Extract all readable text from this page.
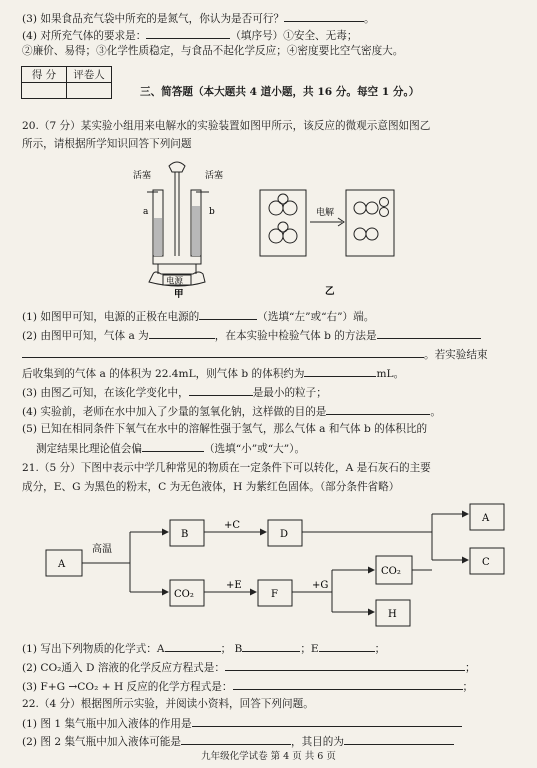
(3) 如果食品充气袋中所充的是氮气，你认为是否可行？	。
(4) 对所充气体的要求是：	（填序号）①安全、无毒；
②廉价、易得；③化学性质稳定，与食品不起化学反应；④密度要比空气密度大。
得 分	评卷人

三、简答题（本大题共 4 道小题，共 16 分。每空 1 分。）
20.（7 分）某实验小组用来电解水的实验装置如图甲所示，该反应的微观示意图如图乙
所示，请根据所学知识回答下列问题
活塞	活塞
a	b
电源
甲
电解
乙
(1) 如图甲可知，电源的正极在电源的	（选填“左”或“右”）端。
(2) 由图甲可知，气体 a 为	，在本实验中检验气体 b 的方法是
。若实验结束
后收集到的气体 a 的体积为 22.4mL，则气体 b 的体积约为	mL。
(3) 由图乙可知，在该化学变化中，	是最小的粒子；
(4) 实验前，老师在水中加入了少量的氢氧化钠，这样做的目的是	。
(5) 已知在相同条件下氧气在水中的溶解性强于氢气，那么气体 a 和气体 b 的体积比的
测定结果比理论值会偏	（选填“小”或“大”）。
21.（5 分）下图中表示中学几种常见的物质在一定条件下可以转化，A 是石灰石的主要
成分，E、G 为黑色的粉末，C 为无色液体，H 为紫红色固体。（部分条件省略）
A
高温
B
+C
D
CO₂
+E
F
+G
CO₂
H
A
C
(1) 写出下列物质的化学式：A	； B	；E	；
(2) CO₂通入 D 溶液的化学反应方程式是：	；
(3) F+G →CO₂ + H 反应的化学方程式是：	；
22.（4 分）根据图所示实验，并阅读小资料，回答下列问题。
(1) 图 1 集气瓶中加入液体的作用是
(2) 图 2 集气瓶中加入液体可能是	，其目的为
九年级化学试卷 第 4 页 共 6 页
